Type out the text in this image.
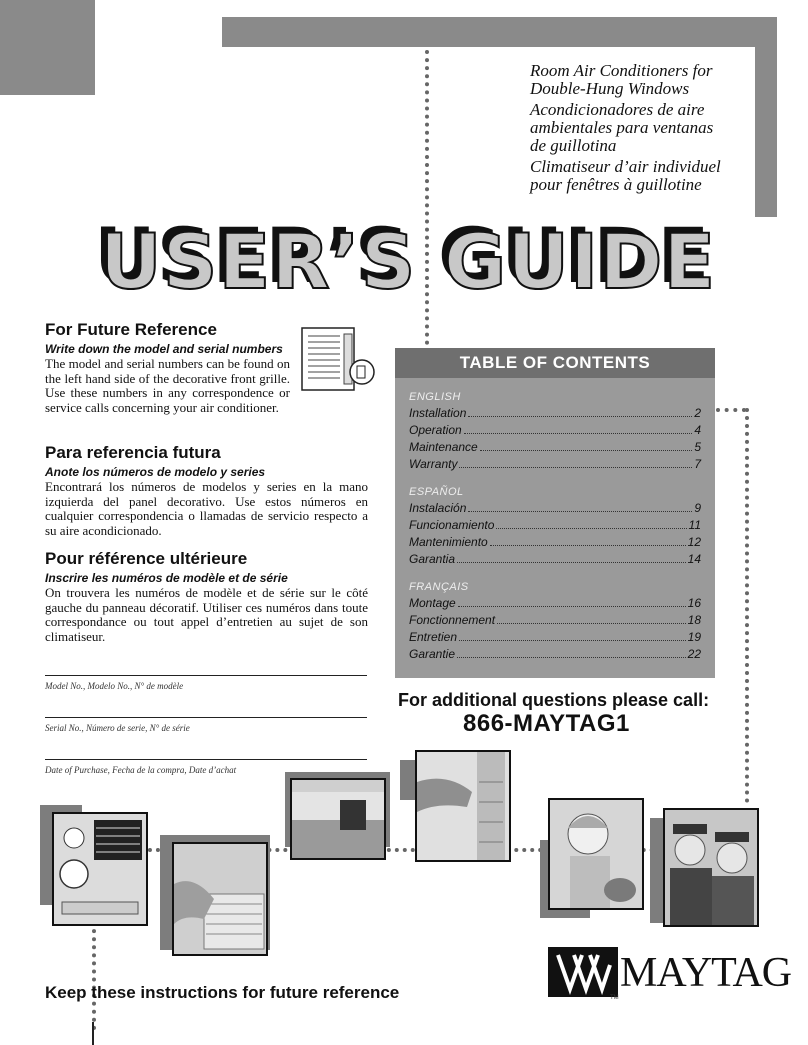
Room Air Conditioners for

Double-Hung Windows

Acondicionadores de aire

ambientales para ventanas

de guillotina

Climatiseur d’air individuel

pour fenêtres à guillotine

USER’S GUIDE
For Future Reference

Write down the model and serial numbers

The model and serial numbers can be found on the left hand side of the decorative front grille. Use these numbers in any correspondence or service calls concerning your air conditioner.

Para referencia futura

Anote los números de modelo y series

Encontrará los números de modelos y series en la mano izquierda del panel decorativo. Use estos números en cualquier correspondencia o llamadas de servicio respecto a su aire acondicionado.

Pour référence ultérieure

Inscrire les numéros de modèle et de série

On trouvera les numéros de modèle et de série sur le côté gauche du panneau décoratif. Utiliser ces numéros dans toute correspondance ou tout appel d’entretien au sujet de son climatiseur.

Model No., Modelo No., N° de modèle
Serial No., Número de serie, N° de série
Date of Purchase, Fecha de la compra, Date d’achat
TABLE OF CONTENTS
ENGLISH
Installation	2
Operation	4
Maintenance	5
Warranty	7
ESPAÑOL
Instalación	9
Funcionamiento	11
Mantenimiento	12
Garantia	14
FRANÇAIS
Montage	16
Fonctionnement	18
Entretien	19
Garantie	22
For additional questions please call:
866-MAYTAG1
Keep these instructions for future reference	MAYTAG
TM
